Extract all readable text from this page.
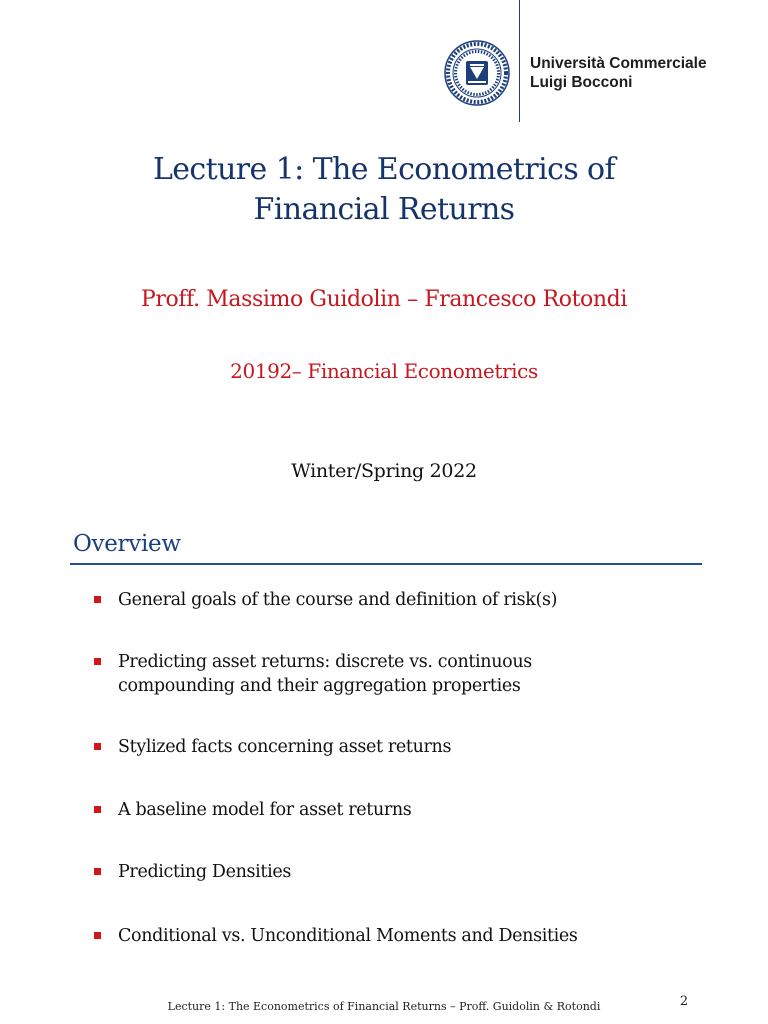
Università Commerciale
Luigi Bocconi
Lecture 1: The Econometrics of
Financial Returns
Proff. Massimo Guidolin – Francesco Rotondi
20192– Financial Econometrics
Winter/Spring 2022
Overview
General goals of the course and definition of risk(s)
Predicting asset returns: discrete vs. continuous
compounding and their aggregation properties
Stylized facts concerning asset returns
A baseline model for asset returns
Predicting Densities
Conditional vs. Unconditional Moments and Densities
Lecture 1: The Econometrics of Financial Returns – Proff. Guidolin & Rotondi	2
